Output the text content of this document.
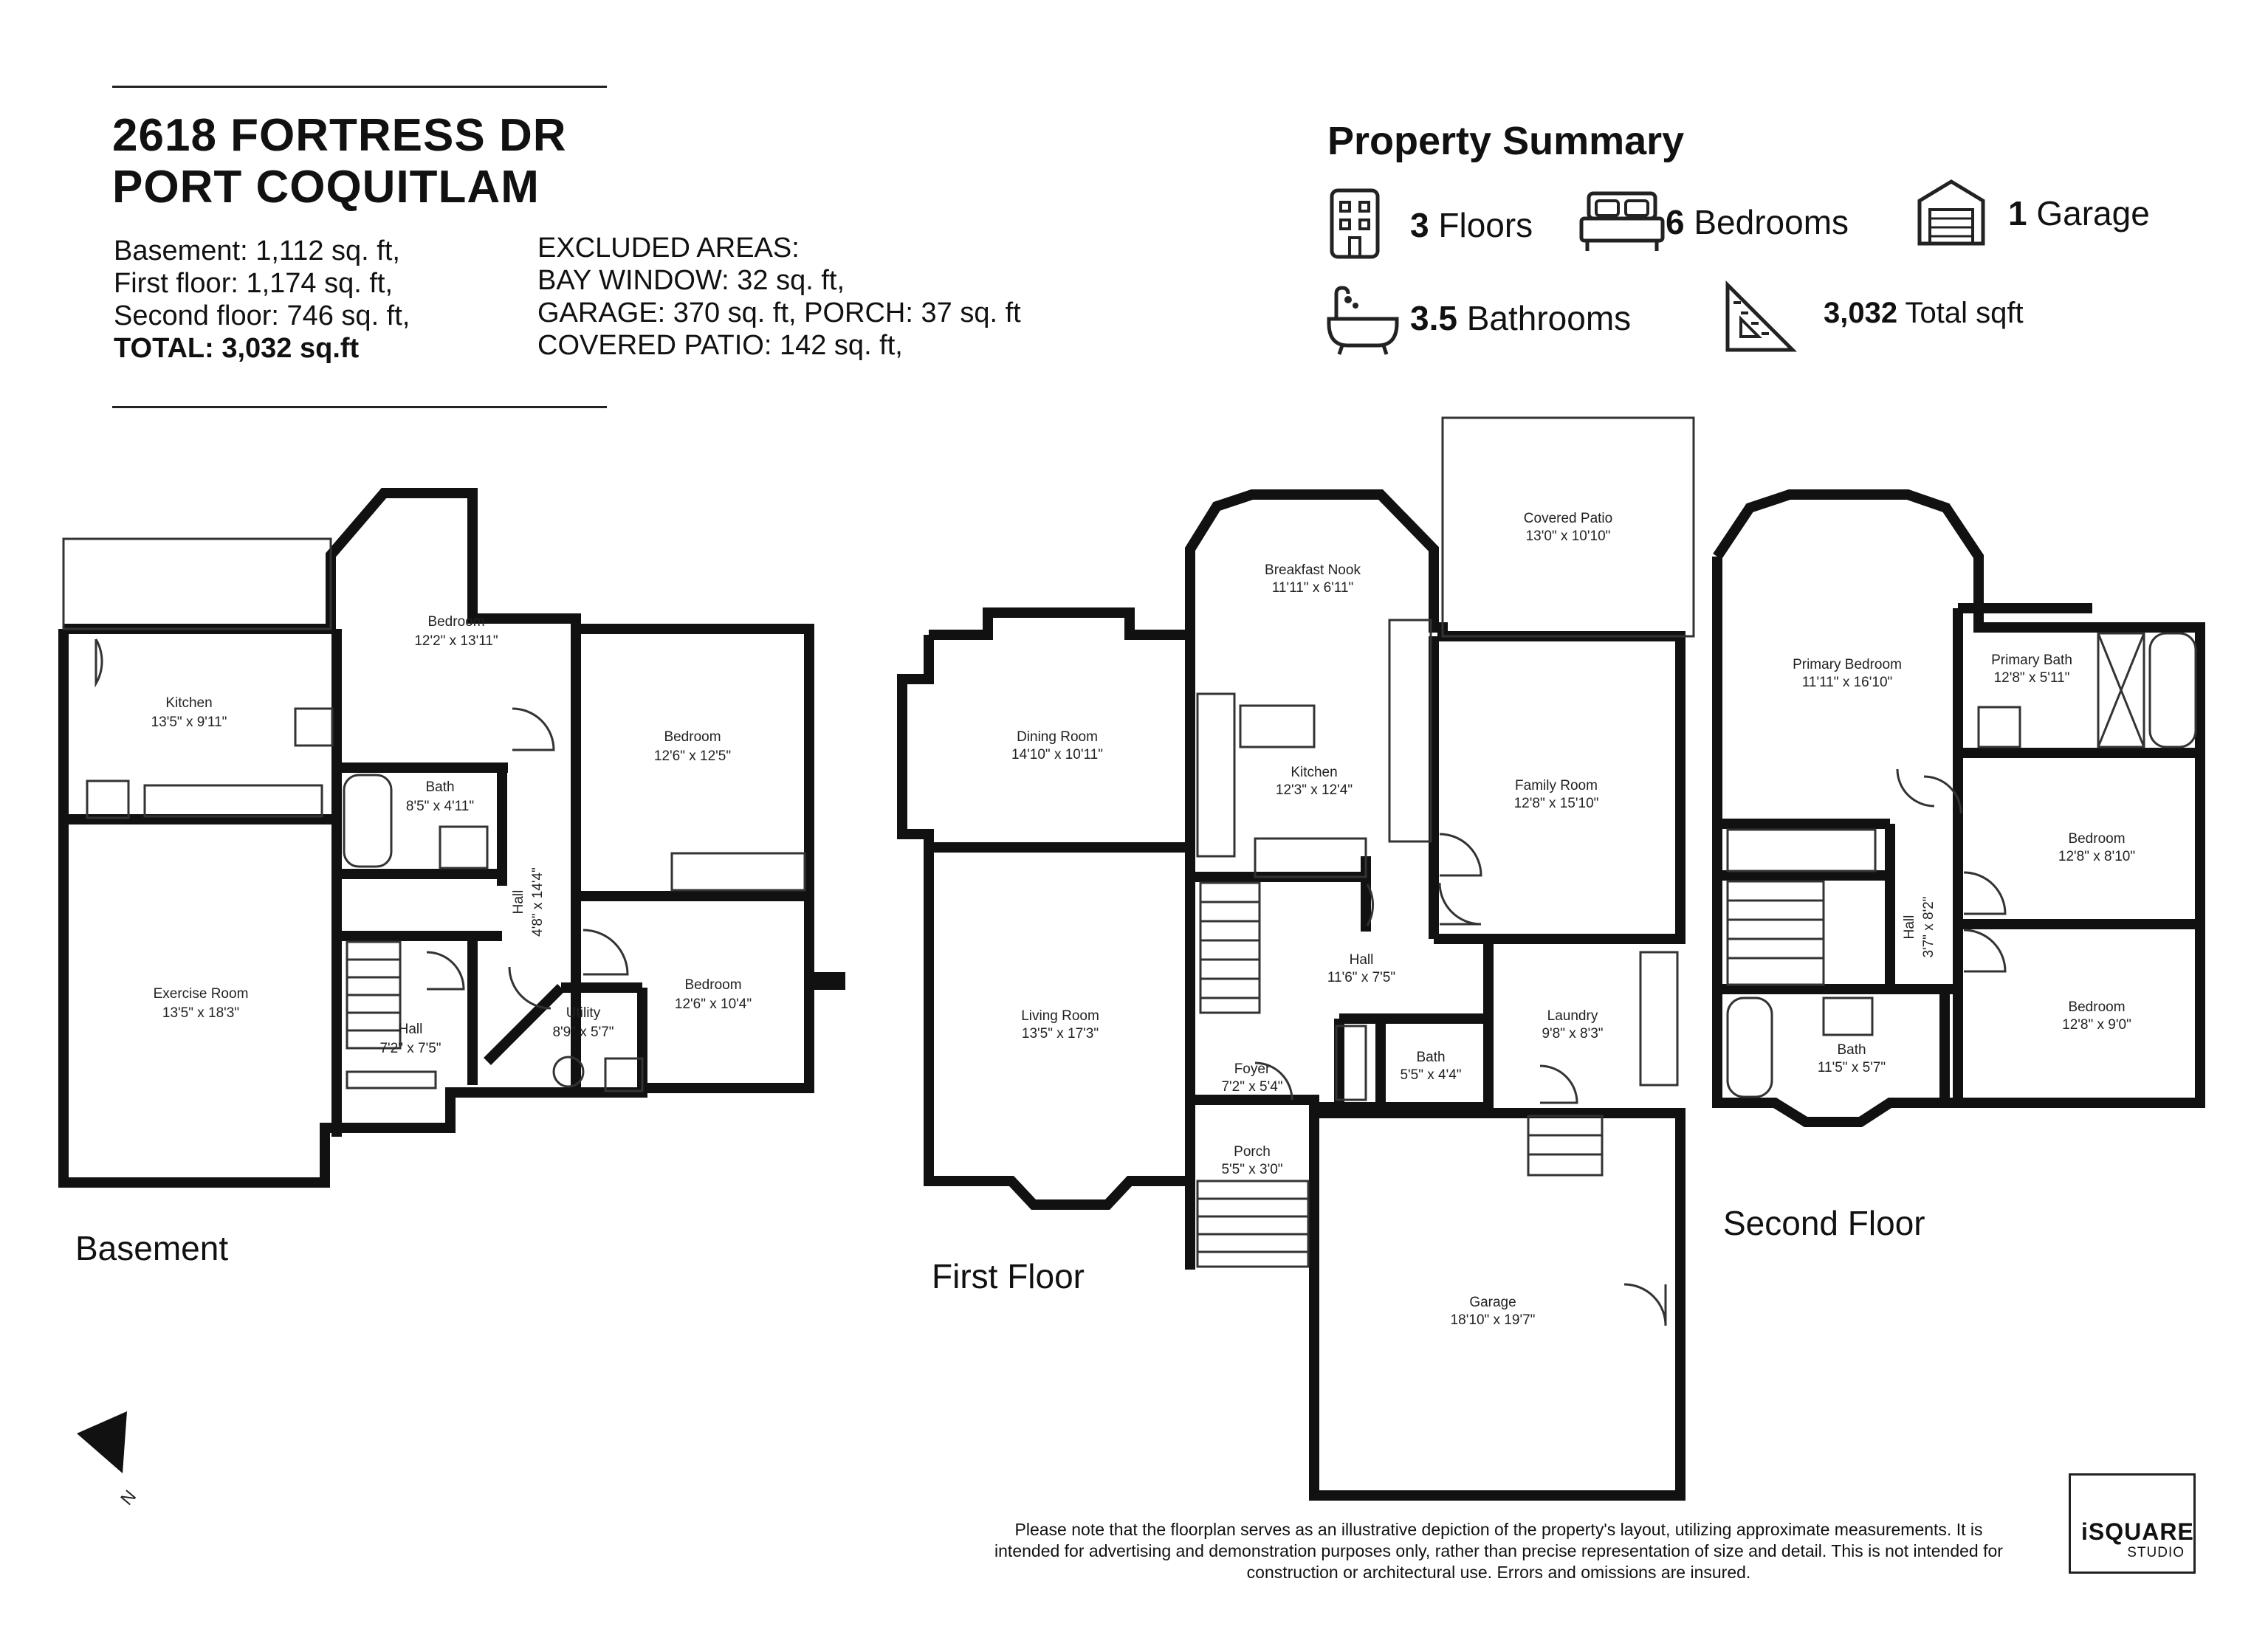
2618 FORTRESS DR
PORT COQUITLAM
Basement: 1,112 sq. ft,
First floor: 1,174 sq. ft,
Second floor: 746 sq. ft,
TOTAL: 3,032 sq.ft
EXCLUDED AREAS:
BAY WINDOW: 32 sq. ft,
GARAGE: 370 sq. ft, PORCH: 37 sq. ft
COVERED PATIO: 142 sq. ft,
Property Summary
3 Floors	6 Bedrooms	1 Garage
3.5 Bathrooms	3,032 Total sqft
Kitchen
13'5" x 9'11"
Bedroom
12'2" x 13'11"
Bedroom
12'6" x 12'5"
Bath
8'5" x 4'11"
Hall 4'8" x 14'4"
Exercise Room
13'5" x 18'3"
Hall
7'2" x 7'5"
Utility
8'9" x 5'7"
Bedroom
12'6" x 10'4"
Covered Patio
13'0" x 10'10"
Breakfast Nook
11'11" x 6'11"
Dining Room
14'10" x 10'11"
Kitchen
12'3" x 12'4"	Family Room
12'8" x 15'10"
Hall
11'6" x 7'5"
Living Room
13'5" x 17'3"
Laundry
9'8" x 8'3"
Foyer
7'2" x 5'4"
Bath
5'5" x 4'4"
Porch
5'5" x 3'0"
Garage
18'10" x 19'7"
Primary Bedroom
11'11" x 16'10"
Primary Bath
12'8" x 5'11"
Bedroom
12'8" x 8'10"
Hall 3'7" x 8'2"
Bath
11'5" x 5'7"
Bedroom
12'8" x 9'0"
N
Basement
First Floor
Second Floor
Please note that the floorplan serves as an illustrative depiction of the property's layout, utilizing approximate measurements. It is intended for advertising and demonstration purposes only, rather than precise representation of size and detail. This is not intended for construction or architectural use. Errors and omissions are insured.
iSQUARE
STUDIO
